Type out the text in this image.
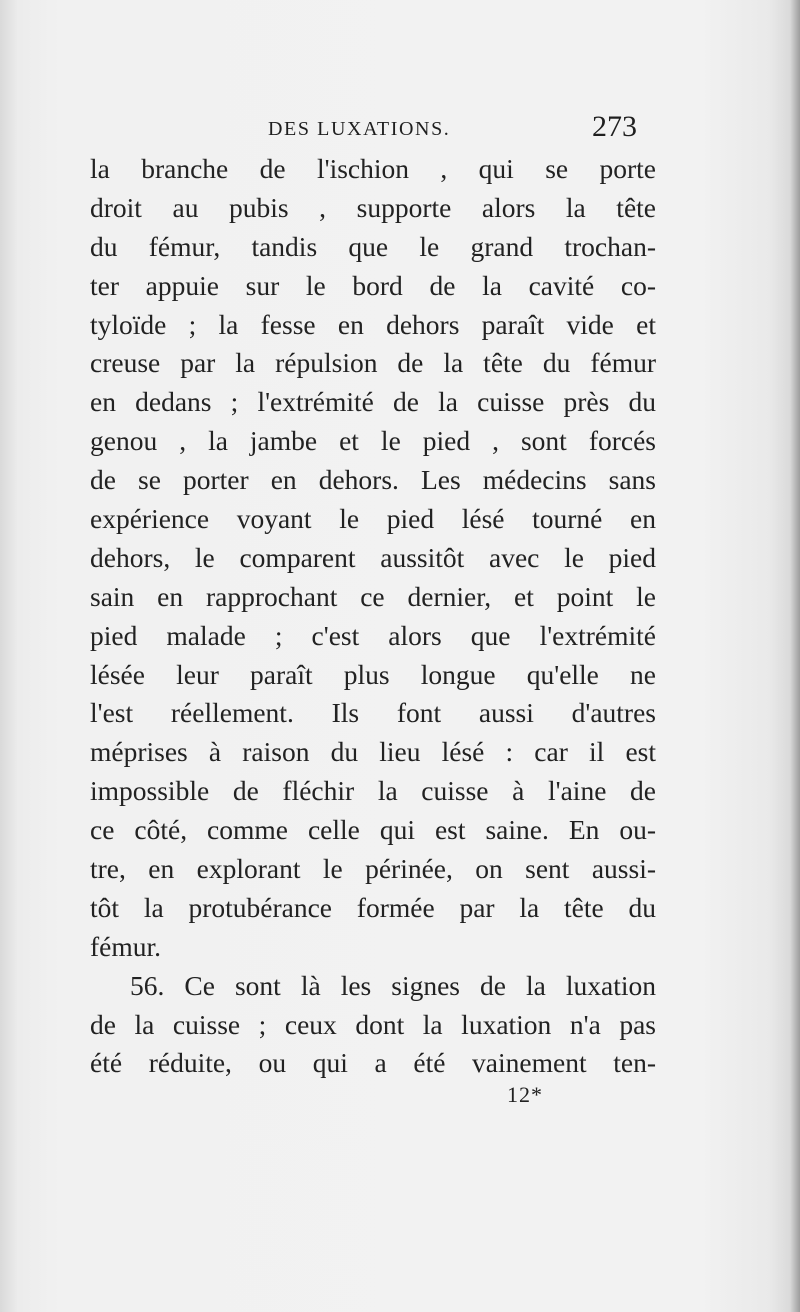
DES LUXATIONS.	273
la branche de l'ischion , qui se porte
droit au pubis , supporte alors la tête
du fémur, tandis que le grand trochan-
ter appuie sur le bord de la cavité co-
tyloïde ; la fesse en dehors paraît vide et
creuse par la répulsion de la tête du fémur
en dedans ; l'extrémité de la cuisse près du
genou , la jambe et le pied , sont forcés
de se porter en dehors. Les médecins sans
expérience voyant le pied lésé tourné en
dehors, le comparent aussitôt avec le pied
sain en rapprochant ce dernier, et point le
pied malade ; c'est alors que l'extrémité
lésée leur paraît plus longue qu'elle ne
l'est réellement. Ils font aussi d'autres
méprises à raison du lieu lésé : car il est
impossible de fléchir la cuisse à l'aine de
ce côté, comme celle qui est saine. En ou-
tre, en explorant le périnée, on sent aussi-
tôt la protubérance formée par la tête du
fémur.
56. Ce sont là les signes de la luxation
de la cuisse ; ceux dont la luxation n'a pas
été réduite, ou qui a été vainement ten-
12*
